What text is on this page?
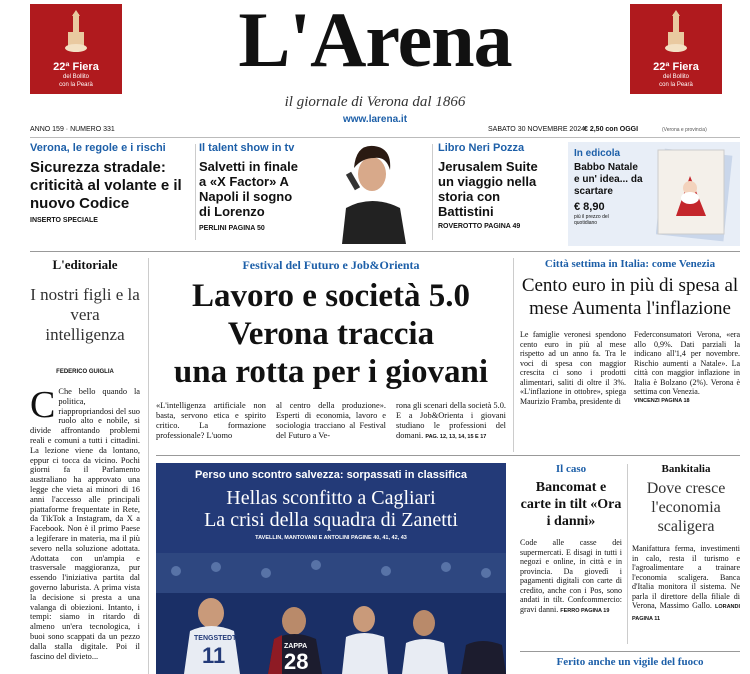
22ª Fiera
del Bollito
con la Pearà
14 NOVEMBRE
1 DICEMBRE
ISOLA DELLA SCALA · VERONA
22ª Fiera
del Bollito
con la Pearà
14 NOVEMBRE
1 DICEMBRE
ISOLA DELLA SCALA · VERONA
L'Arena
il giornale di Verona dal 1866
www.larena.it
ANNO 159 · NUMERO 331	SABATO 30 NOVEMBRE 2024
€ 2,50 con OGGI	(Verona e provincia)
Verona, le regole e i rischi
Sicurezza stradale: criticità al volante e il nuovo Codice
INSERTO SPECIALE
Il talent show in tv
Salvetti in finale a «X Factor» A Napoli il sogno di Lorenzo
PERLINI PAGINA 50
Libro Neri Pozza
Jerusalem Suite un viaggio nella storia con Battistini
ROVEROTTO PAGINA 49
In edicola
Babbo Natale e un' idea... da scartare
€ 8,90
più il prezzo del quotidiano
L'editoriale
I nostri figli e la vera intelligenza
FEDERICO GUIGLIA
C Che bello quando la politica, riappropriandosi del suo ruolo alto e nobile, si divide affrontando problemi reali e comuni a tutti i cittadini. La lezione viene da lontano, eppur ci tocca da vicino. Pochi giorni fa il Parlamento australiano ha approvato una legge che vieta ai minori di 16 anni l'accesso alle principali piattaforme frequentate in Rete, da TikTok a Instagram, da X a Facebook. Non è il primo Paese a legiferare in materia, ma il più severo nella soluzione adottata. Adottata con un'ampia e trasversale maggioranza, pur essendo l'iniziativa partita dal governo laburista. A prima vista la decisione si presta a una valanga di obiezioni. Intanto, i tempi: siamo in ritardo di almeno un'era tecnologica, i buoi sono scappati da un pezzo dalla stalla digitale. Poi il fascino del divieto...
Festival del Futuro e Job&Orienta
Lavoro e società 5.0
Verona traccia
una rotta per i giovani
«L'intelligenza artificiale non basta, servono etica e spirito critico. La formazione professionale? L'uomo
al centro della produzione». Esperti di economia, lavoro e sociologia tracciano al Festival del Futuro a Ve-
rona gli scenari della società 5.0. E a Job&Orienta i giovani studiano le professioni del domani. PAG. 12, 13, 14, 15 E 17
Città settima in Italia: come Venezia
Cento euro in più di spesa al mese Aumenta l'inflazione
Le famiglie veronesi spendono cento euro in più al mese rispetto ad un anno fa. Tra le voci di spesa con maggior crescita ci sono i prodotti alimentari, saliti di oltre il 3%. «L'inflazione in ottobre», spiega Maurizio Framba, presidente di
Federconsumatori Verona, «era allo 0,9%. Dati parziali la indicano all'1,4 per novembre. Rischio aumenti a Natale». La città con maggior inflazione in Italia è Bolzano (2%). Verona è settima con Venezia.
VINCENZI PAGINA 18
Perso uno scontro salvezza: sorpassati in classifica
Hellas sconfitto a Cagliari
La crisi della squadra di Zanetti
TAVELLIN, MANTOVANI E ANTOLINI PAGINE 40, 41, 42, 43
TENGSTEDT
11	ZAPPA
28
Il caso
Bancomat e carte in tilt «Ora i danni»
Code alle casse dei supermercati. E disagi in tutti i negozi e online, in città e in provincia. Da giovedì i pagamenti digitali con carte di credito, anche con i Pos, sono andati in tilt. Confcommercio: gravi danni. FERRO PAGINA 19
Bankitalia
Dove cresce l'economia scaligera
Manifattura ferma, investimenti in calo, resta il turismo e l'agroalimentare a trainare l'economia scaligera. Banca d'Italia monitora il sistema. Ne parla il direttore della filiale di Verona, Massimo Gallo. LORANDI PAGINA 11
Ferito anche un vigile del fuoco
